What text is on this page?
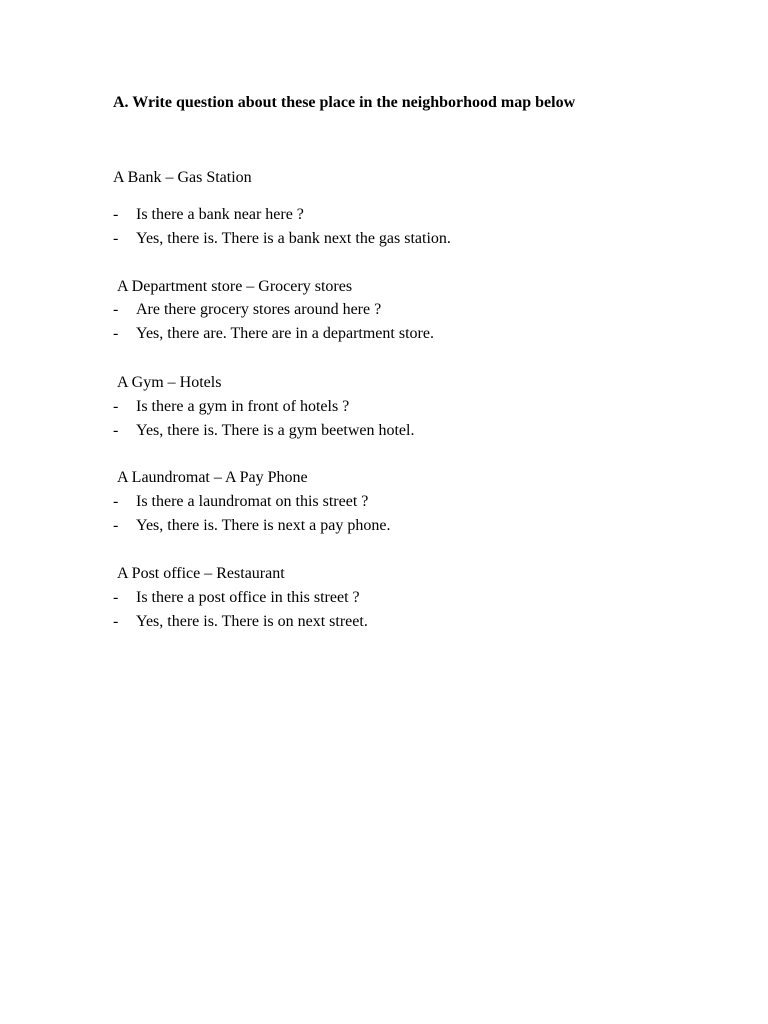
A. Write question about these place in the neighborhood map below
A Bank – Gas Station
- Is there a bank near here ?
- Yes, there is. There is a bank next the gas station.
A Department store – Grocery stores
- Are there grocery stores around here ?
- Yes, there are. There are in a department store.
A Gym – Hotels
- Is there a gym in front of hotels ?
- Yes, there is. There is a gym beetwen hotel.
A Laundromat – A Pay Phone
- Is there a laundromat on this street ?
- Yes, there is. There is next a pay phone.
A Post office – Restaurant
- Is there a post office in this street ?
- Yes, there is. There is on next street.
